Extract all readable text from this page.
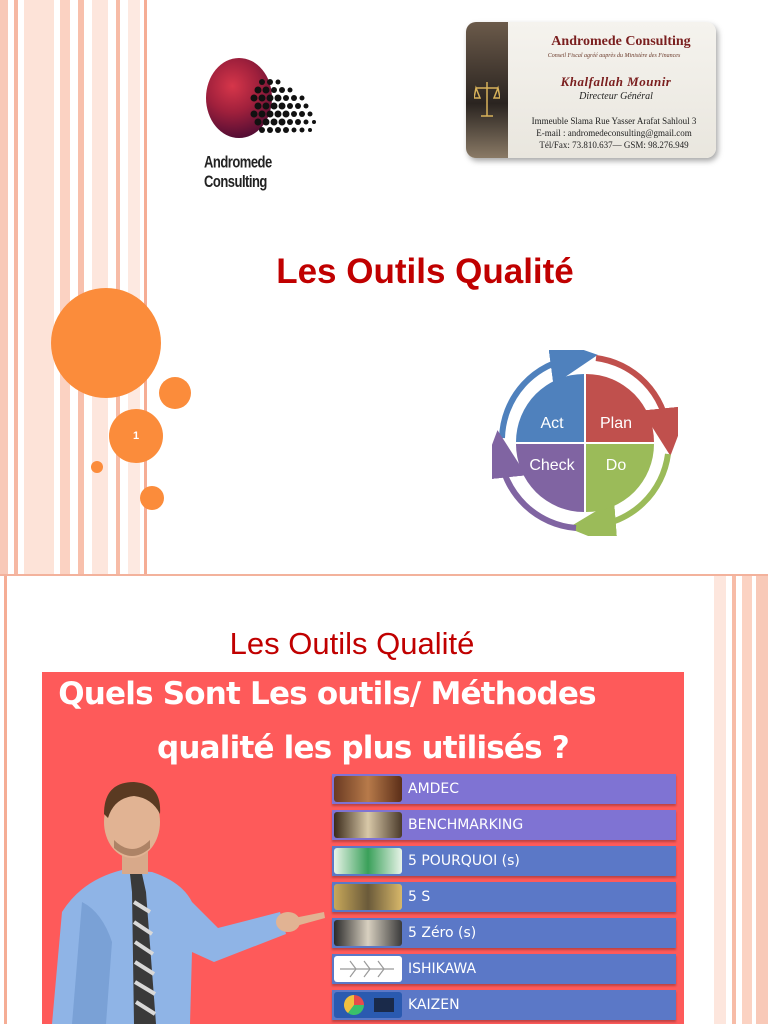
Andromede Consulting
Andromede Consulting
Conseil Fiscal agréé auprès du Ministère des Finances
Khalfallah Mounir
Directeur Général
Immeuble Slama Rue Yasser Arafat Sahloul 3
E-mail : andromedeconsulting@gmail.com
Tél/Fax: 73.810.637— GSM: 98.276.949
Les Outils Qualité
1
Act Plan
Check Do
Les Outils Qualité
Quels Sont Les outils/ Méthodes
qualité les plus utilisés ?
AMDEC
BENCHMARKING
5 POURQUOI (s)
5 S
5 Zéro (s)
ISHIKAWA
KAIZEN
